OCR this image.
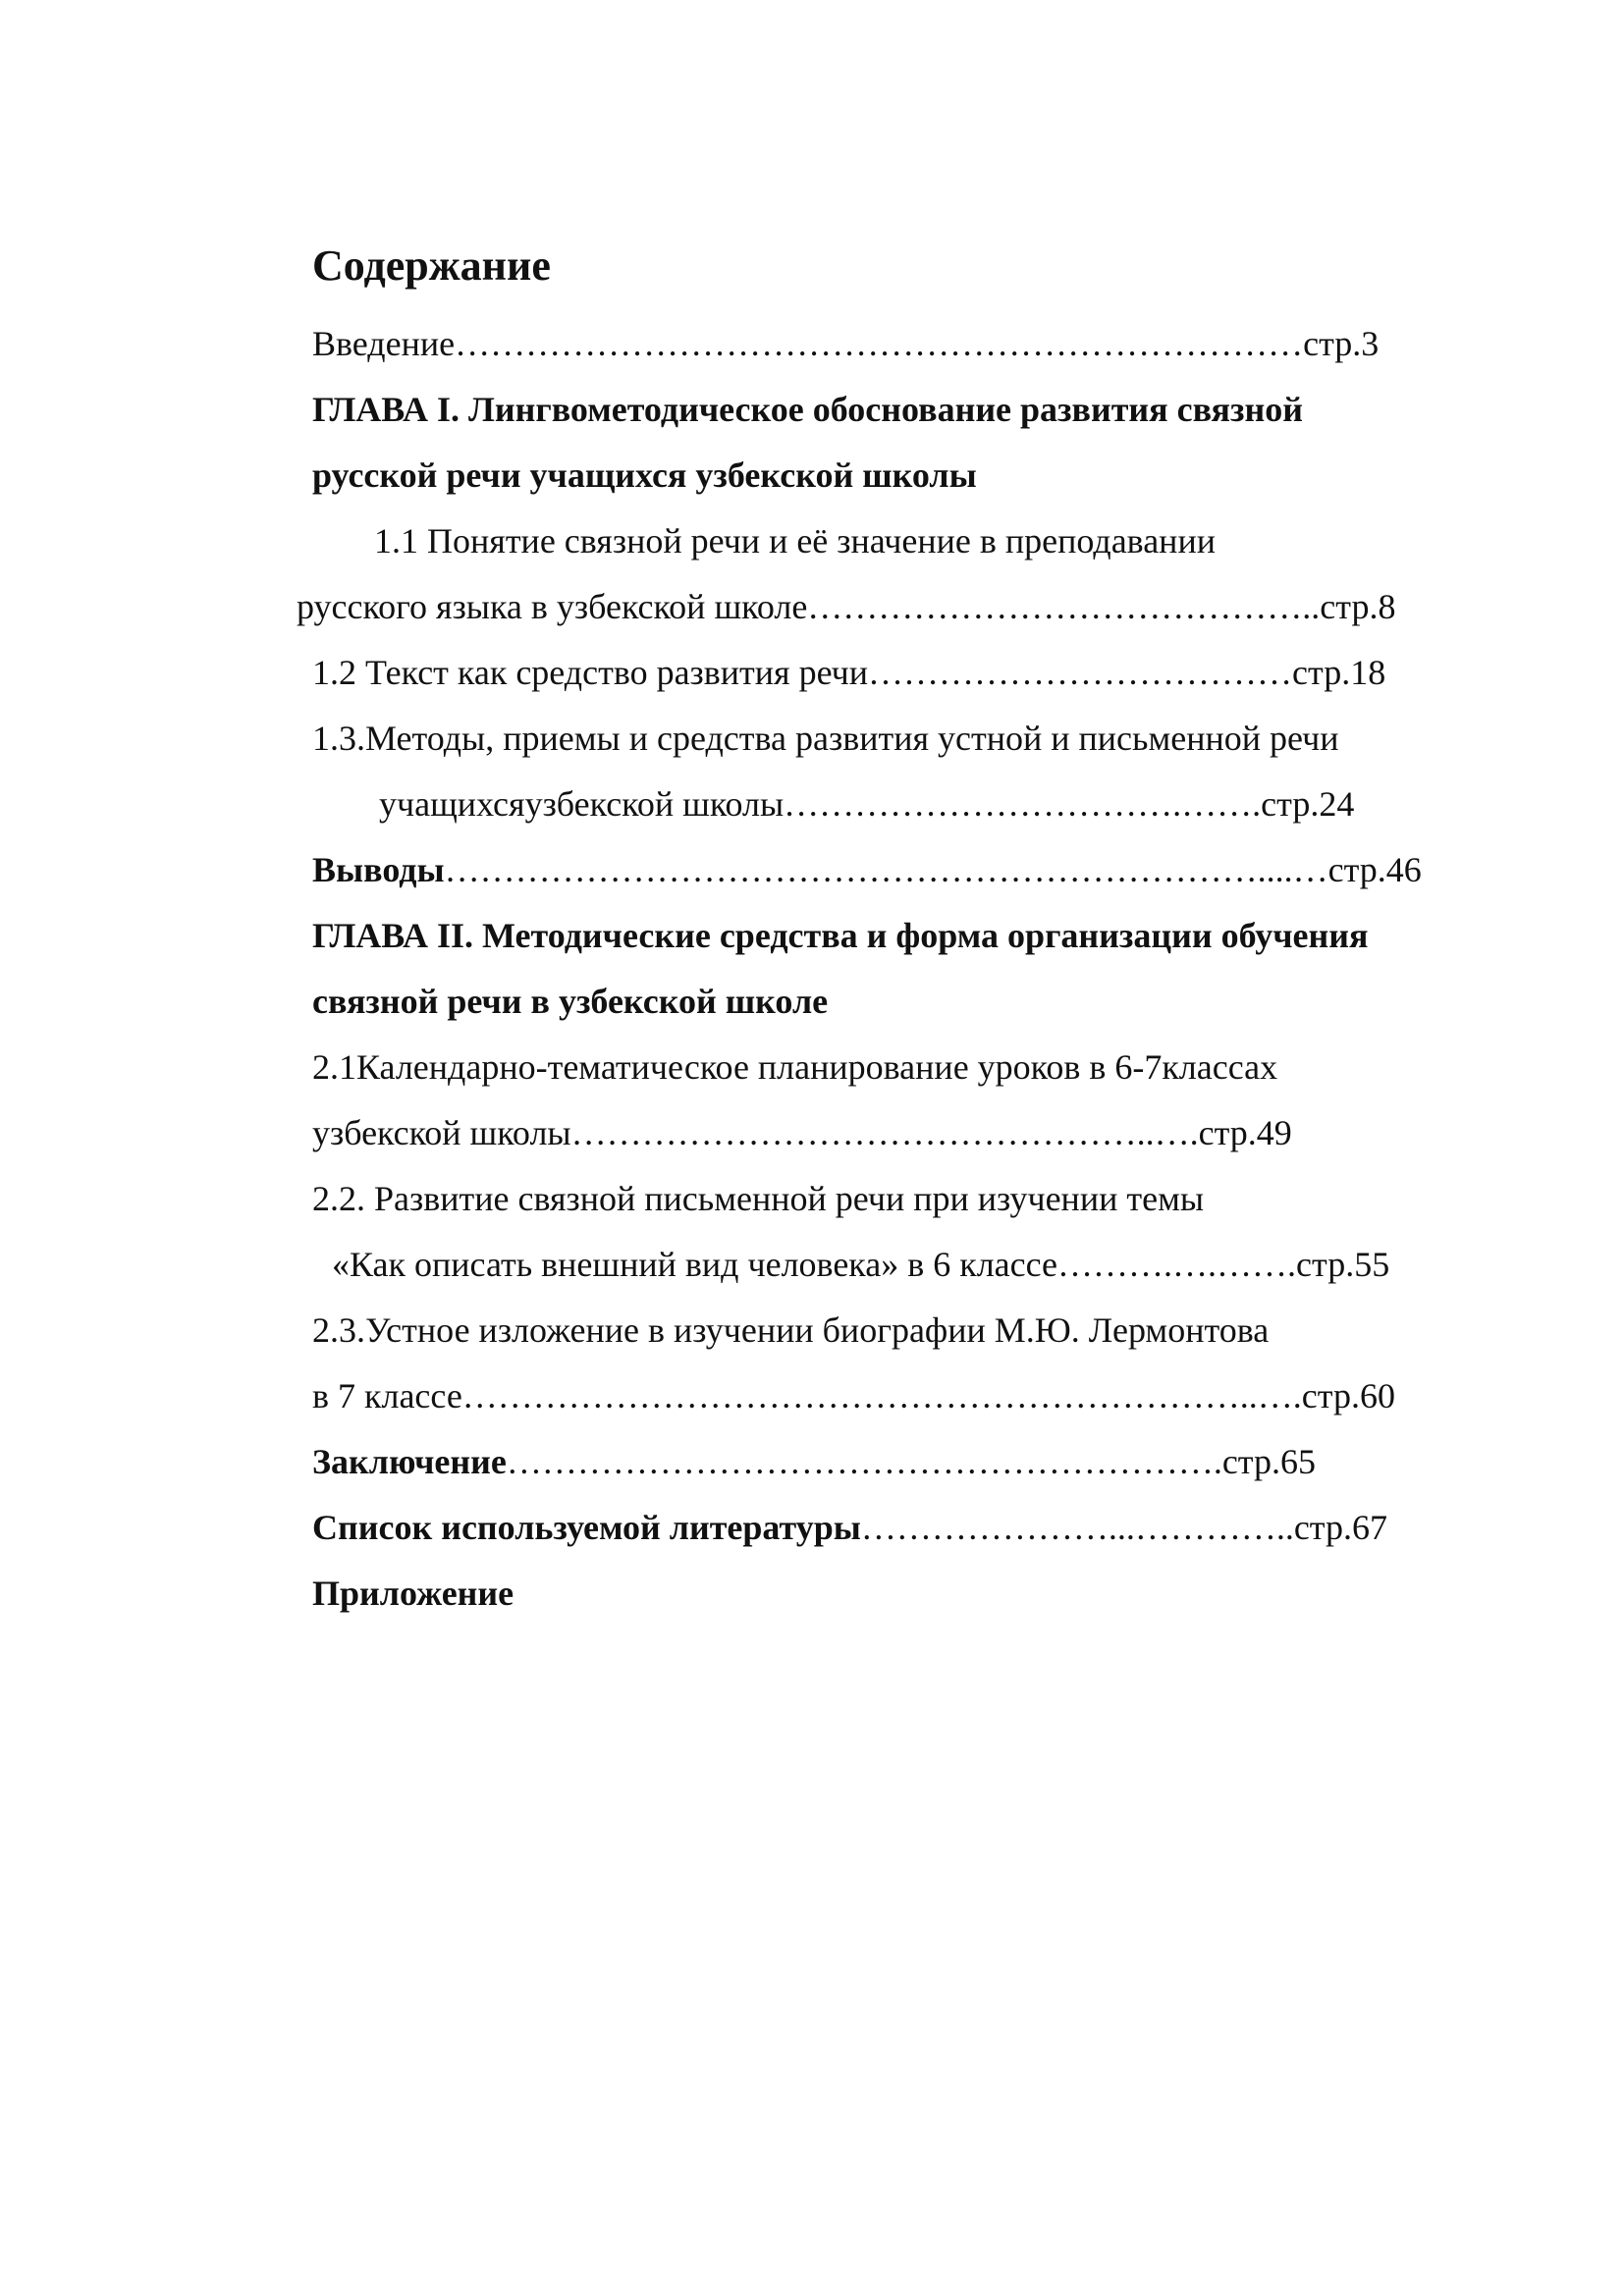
Содержание
Введение………………………………………………………………стр.3
ГЛАВА I. Лингвометодическое обоснование развития связной
русской речи учащихся узбекской школы
1.1 Понятие связной речи и её значение в преподавании
русского языка в узбекской школе……………………………………..стр.8
1.2 Текст как средство развития речи………………………………стр.18
1.3.Методы, приемы и средства развития устной и письменной речи
учащихсяузбекской школы…………………………….…….стр.24
Выводы……………………………………………………………....…стр.46
ГЛАВА II. Методические средства и форма организации обучения
связной речи в узбекской школе
2.1Календарно-тематическое планирование уроков в 6-7классах
узбекской школы…………………………………………..….стр.49
2.2. Развитие связной письменной речи при изучении темы
«Как описать внешний вид человека» в 6 классе……….….…….стр.55
2.3.Устное изложение в изучении биографии М.Ю. Лермонтова
в 7 классе…………………………………………………………..….стр.60
Заключение…………………………………………………….стр.65
Список используемой литературы…………………...…………..стр.67
Приложение
